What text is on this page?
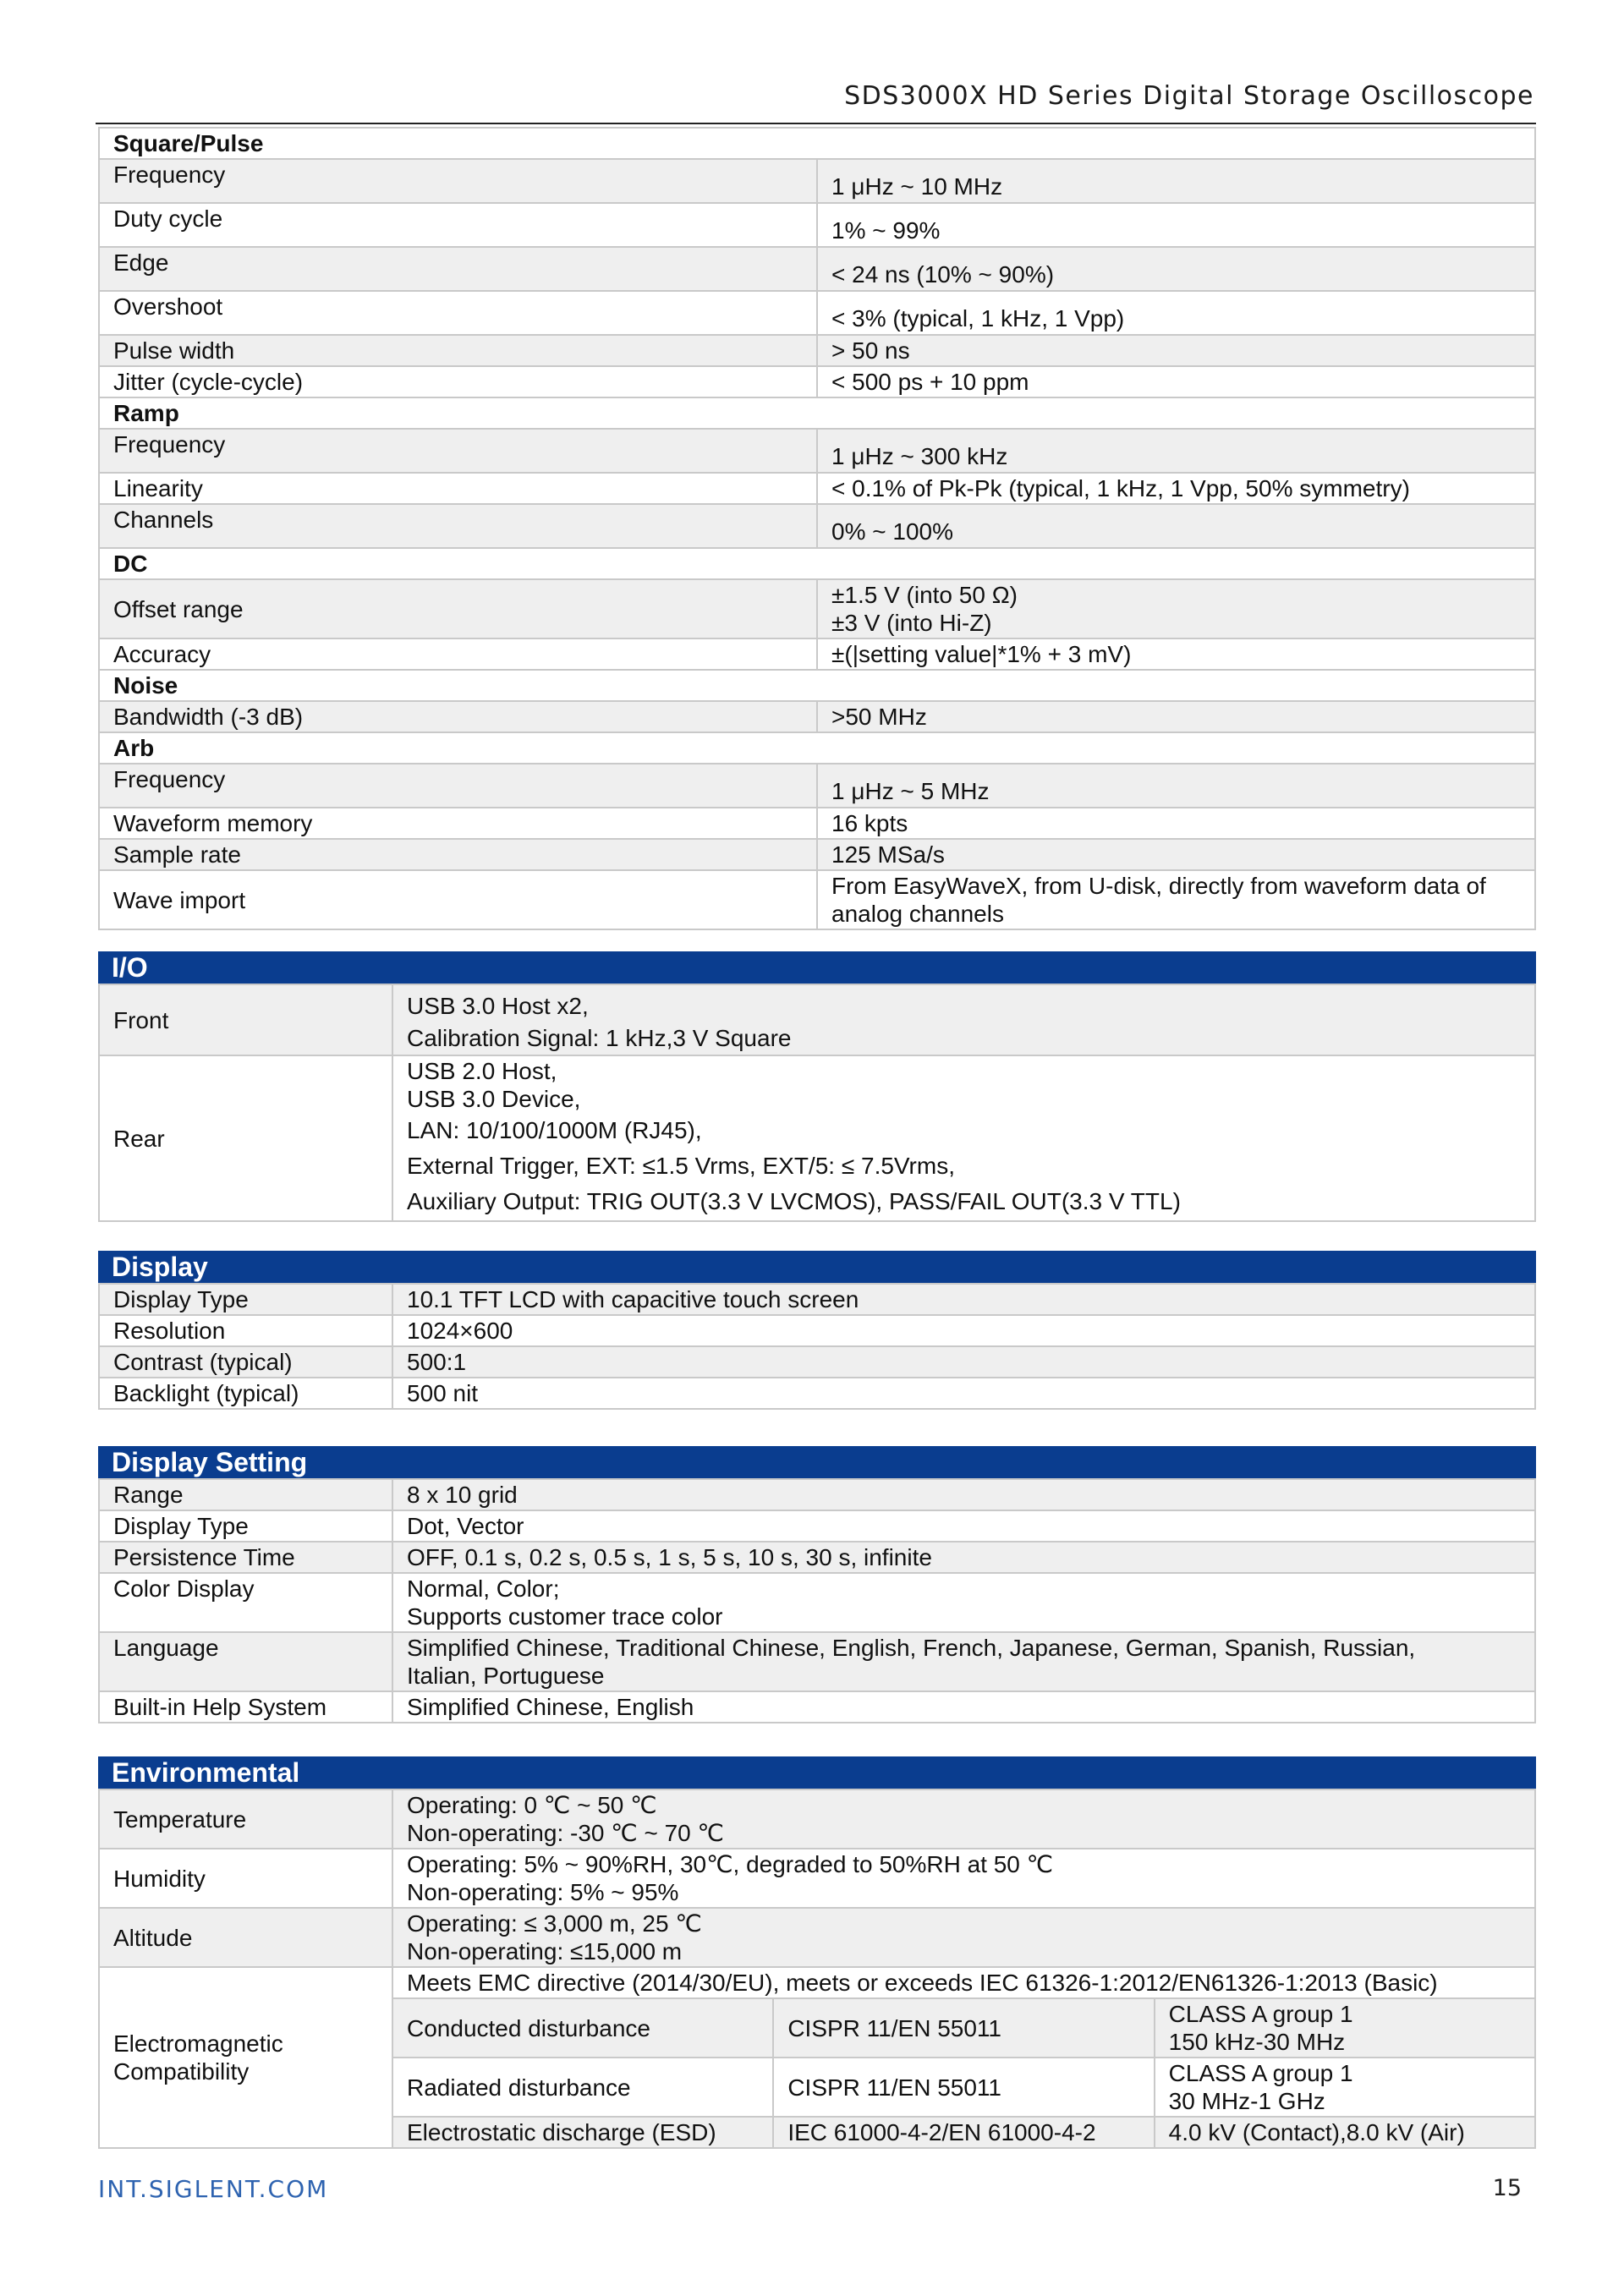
SDS3000X HD Series Digital Storage Oscilloscope
Square/Pulse	
Frequency	1 μHz ~ 10 MHz
Duty cycle	1% ~ 99%
Edge	< 24 ns (10% ~ 90%)
Overshoot	< 3% (typical, 1 kHz, 1 Vpp)
Pulse width	> 50 ns
Jitter (cycle-cycle)	< 500 ps + 10 ppm
Ramp	
Frequency	1 μHz ~ 300 kHz
Linearity	< 0.1% of Pk-Pk (typical, 1 kHz, 1 Vpp, 50% symmetry)
Channels	0% ~ 100%
DC	
Offset range	±1.5 V (into 50 Ω)
±3 V (into Hi-Z)

Accuracy	±(|setting value|*1% + 3 mV)
Noise	
Bandwidth (-3 dB)	>50 MHz
Arb	
Frequency	1 μHz ~ 5 MHz
Waveform memory	16 kpts
Sample rate	125 MSa/s
Wave import	From EasyWaveX, from U-disk, directly from waveform data of analog channels
I/O
Front	USB 3.0 Host x2,
Calibration Signal: 1 kHz,3 V Square

Rear	USB 2.0 Host,
USB 3.0 Device,
LAN: 10/100/1000M (RJ45),
External Trigger, EXT: ≤1.5 Vrms, EXT/5: ≤ 7.5Vrms,
Auxiliary Output: TRIG OUT(3.3 V LVCMOS), PASS/FAIL OUT(3.3 V TTL)
Display
Display Type	10.1 TFT LCD with capacitive touch screen
Resolution	1024×600
Contrast (typical)	500:1
Backlight (typical)	500 nit
Display Setting
Range	8 x 10 grid
Display Type	Dot, Vector
Persistence Time	OFF, 0.1 s, 0.2 s, 0.5 s, 1 s, 5 s, 10 s, 30 s, infinite
Color Display	Normal, Color;
Supports customer trace color

Language	Simplified Chinese, Traditional Chinese, English, French, Japanese, German, Spanish, Russian,
Italian, Portuguese

Built-in Help System	Simplified Chinese, English
Environmental
Temperature	Operating: 0 ℃ ~ 50 ℃
Non-operating: -30 ℃ ~ 70 ℃		

Humidity	Operating: 5% ~ 90%RH, 30℃, degraded to 50%RH at 50 ℃
Non-operating: 5% ~ 95%		

Altitude	Operating: ≤ 3,000 m, 25 ℃
Non-operating: ≤15,000 m		

Electromagnetic
Compatibility	Meets EMC directive (2014/30/EU), meets or exceeds IEC 61326-1:2012/EN61326-1:2013 (Basic)		
	Conducted disturbance	CISPR 11/EN 55011	CLASS A group 1
150 kHz-30 MHz

	Radiated disturbance	CISPR 11/EN 55011	CLASS A group 1
30 MHz-1 GHz

	Electrostatic discharge (ESD)	IEC 61000-4-2/EN 61000-4-2	4.0 kV (Contact),8.0 kV (Air)
INT.SIGLENT.COM	15
